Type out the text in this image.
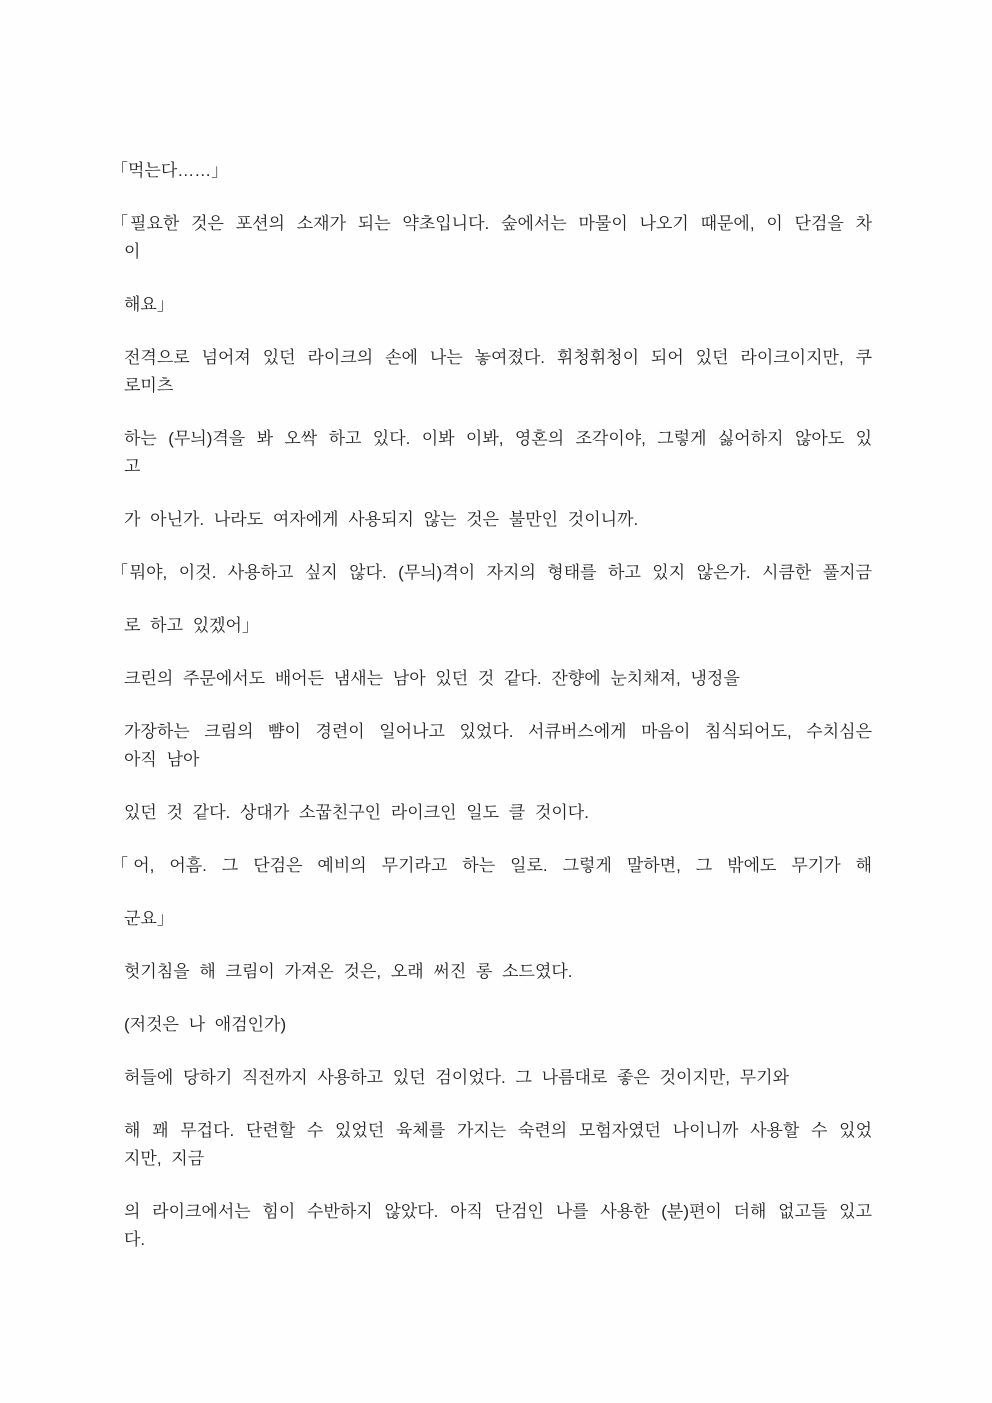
「먹는다……」
「필요한 것은 포션의 소재가 되는 약초입니다. 숲에서는 마물이 나오기 때문에, 이 단검을 차
이
해요」
전격으로 넘어져 있던 라이크의 손에 나는 놓여졌다. 휘청휘청이 되어 있던 라이크이지만, 쿠
로미츠
하는 (무늬)격을 봐 오싹 하고 있다. 이봐 이봐, 영혼의 조각이야, 그렇게 싫어하지 않아도 있
고
가 아닌가. 나라도 여자에게 사용되지 않는 것은 불만인 것이니까.
「뭐야, 이것. 사용하고 싶지 않다. (무늬)격이 자지의 형태를 하고 있지 않은가. 시큼한 풀지금
로 하고 있겠어」
크린의 주문에서도 배어든 냄새는 남아 있던 것 같다. 잔향에 눈치채져, 냉정을
가장하는 크림의 뺨이 경련이 일어나고 있었다. 서큐버스에게 마음이 침식되어도, 수치심은
아직 남아
있던 것 같다. 상대가 소꿉친구인 라이크인 일도 클 것이다.
「어, 어흠. 그 단검은 예비의 무기라고 하는 일로. 그렇게 말하면, 그 밖에도 무기가 해
군요」
헛기침을 해 크림이 가져온 것은, 오래 써진 롱 소드였다.
(저것은 나 애검인가)
허들에 당하기 직전까지 사용하고 있던 검이었다. 그 나름대로 좋은 것이지만, 무기와
해 꽤 무겁다. 단련할 수 있었던 육체를 가지는 숙련의 모험자였던 나이니까 사용할 수 있었
지만, 지금
의 라이크에서는 힘이 수반하지 않았다. 아직 단검인 나를 사용한 (분)편이 더해 없고들 있고
다.
